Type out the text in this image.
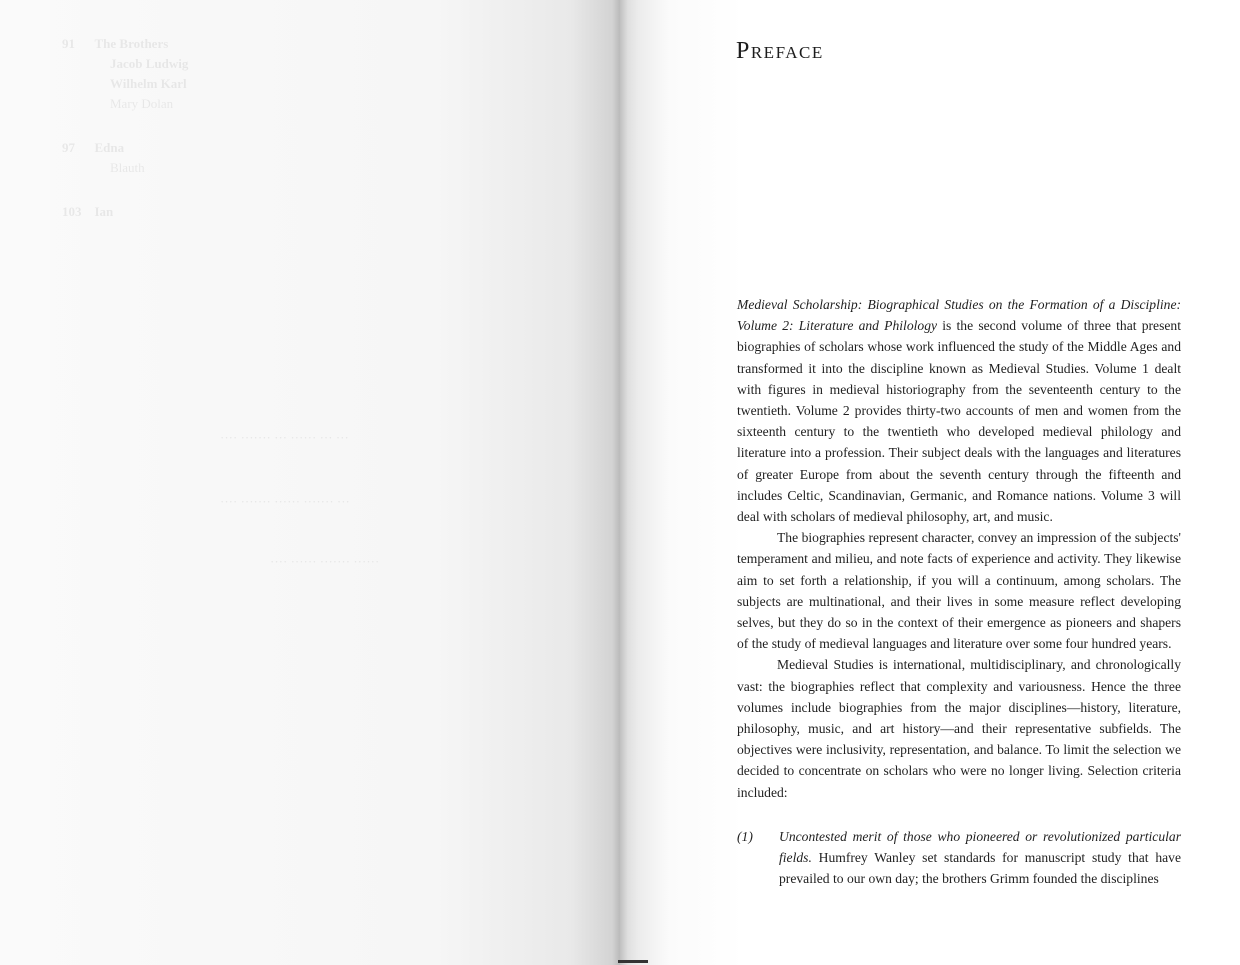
91      The Brothers
Jacob Ludwig
Wilhelm Karl
Mary Dolan
97      Edna
Blauth
103    Ian
···· ······· ··· ······ ··· ···
···· ······· ······ ······· ···
···· ······ ······· ······
Preface

Medieval Scholarship: Biographical Studies on the Formation of a Discipline: Volume 2: Literature and Philology is the second volume of three that present biographies of scholars whose work influenced the study of the Middle Ages and transformed it into the discipline known as Medieval Studies. Volume 1 dealt with figures in medieval historiography from the seventeenth century to the twentieth. Volume 2 provides thirty-two accounts of men and women from the sixteenth century to the twentieth who developed medieval philology and literature into a profession. Their subject deals with the languages and literatures of greater Europe from about the seventh century through the fifteenth and includes Celtic, Scandinavian, Germanic, and Romance nations. Volume 3 will deal with scholars of medieval philosophy, art, and music.

The biographies represent character, convey an impression of the subjects' temperament and milieu, and note facts of experience and activity. They likewise aim to set forth a relationship, if you will a continuum, among scholars. The subjects are multinational, and their lives in some measure reflect developing selves, but they do so in the context of their emergence as pioneers and shapers of the study of medieval languages and literature over some four hundred years.

Medieval Studies is international, multidisciplinary, and chronologically vast: the biographies reflect that complexity and variousness. Hence the three volumes include biographies from the major disciplines—history, literature, philosophy, music, and art history—and their representative subfields. The objectives were inclusivity, representation, and balance. To limit the selection we decided to concentrate on scholars who were no longer living. Selection criteria included:

(1) Uncontested merit of those who pioneered or revolutionized particular fields. Humfrey Wanley set standards for manuscript study that have prevailed to our own day; the brothers Grimm founded the disciplines
